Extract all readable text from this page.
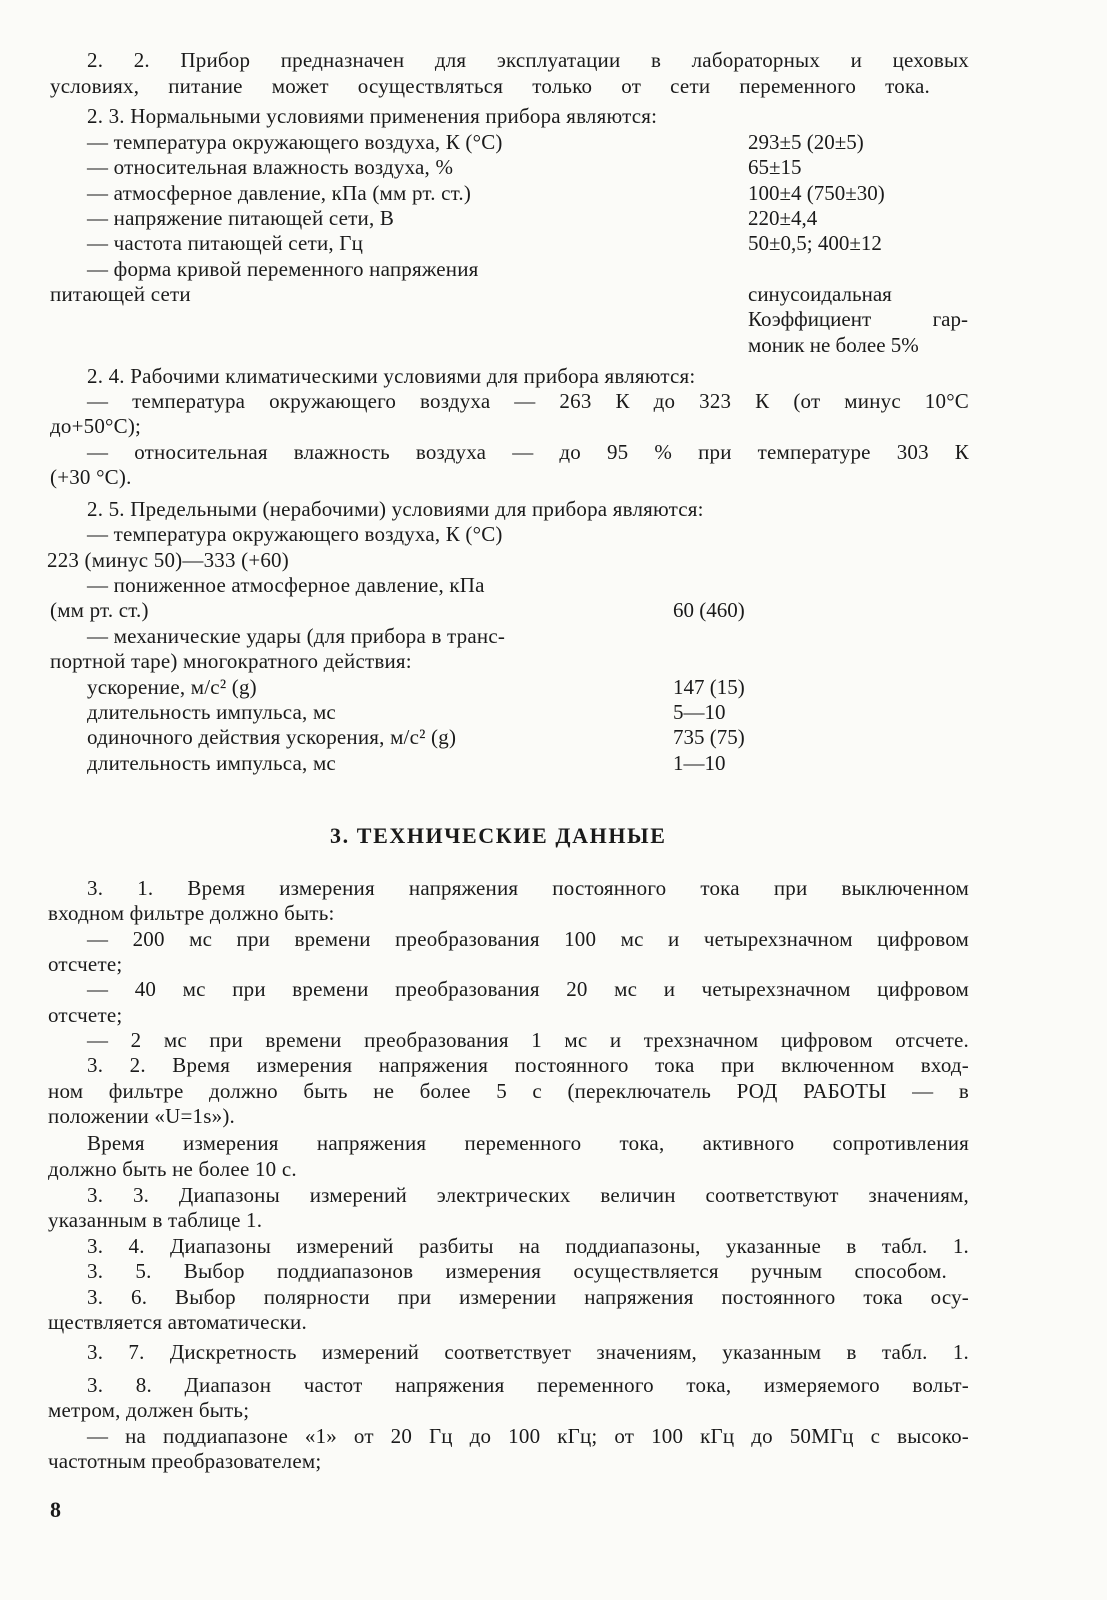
2. 2. Прибор предназначен для эксплуатации в лабораторных и цеховых
условиях, питание может осуществляться только от сети переменного тока.
2. 3. Нормальными условиями применения прибора являются:
— температура окружающего воздуха, К (°С)	293±5 (20±5)
— относительная влажность воздуха, %	65±15
— атмосферное давление, кПа (мм рт. ст.)	100±4 (750±30)
— напряжение питающей сети, В	220±4,4
— частота питающей сети, Гц	50±0,5; 400±12
— форма кривой переменного напряжения
питающей сети	синусоидальная
Коэффициент гар-
моник не более 5%
2. 4. Рабочими климатическими условиями для прибора являются:
— температура окружающего воздуха — 263 К до 323 К (от минус 10°С
до+50°С);
— относительная влажность воздуха — до 95 % при температуре 303 К
(+30 °С).
2. 5. Предельными (нерабочими) условиями для прибора являются:
— температура окружающего воздуха, К (°С)
223 (минус 50)—333 (+60)
— пониженное атмосферное давление, кПа
(мм рт. ст.)	60 (460)
— механические удары (для прибора в транс-
портной таре) многократного действия:
ускорение, м/с² (g)	147 (15)
длительность импульса, мс	5—10
одиночного действия ускорения, м/с² (g)	735 (75)
длительность импульса, мс	1—10
3. ТЕХНИЧЕСКИЕ ДАННЫЕ
3. 1. Время измерения напряжения постоянного тока при выключенном
входном фильтре должно быть:
— 200 мс при времени преобразования 100 мс и четырехзначном цифровом
отсчете;
— 40 мс при времени преобразования 20 мс и четырехзначном цифровом
отсчете;
— 2 мс при времени преобразования 1 мс и трехзначном цифровом отсчете.
3. 2. Время измерения напряжения постоянного тока при включенном вход-
ном фильтре должно быть не более 5 с (переключатель РОД РАБОТЫ — в
положении «U=1s»).
Время измерения напряжения переменного тока, активного сопротивления
должно быть не более 10 с.
3. 3. Диапазоны измерений электрических величин соответствуют значениям,
указанным в таблице 1.
3. 4. Диапазоны измерений разбиты на поддиапазоны, указанные в табл. 1.
3. 5. Выбор поддиапазонов измерения осуществляется ручным способом.
3. 6. Выбор полярности при измерении напряжения постоянного тока осу-
ществляется автоматически.
3. 7. Дискретность измерений соответствует значениям, указанным в табл. 1.
3. 8. Диапазон частот напряжения переменного тока, измеряемого вольт-
метром, должен быть;
— на поддиапазоне «1» от 20 Гц до 100 кГц; от 100 кГц до 50МГц с высоко-
частотным преобразователем;
8
